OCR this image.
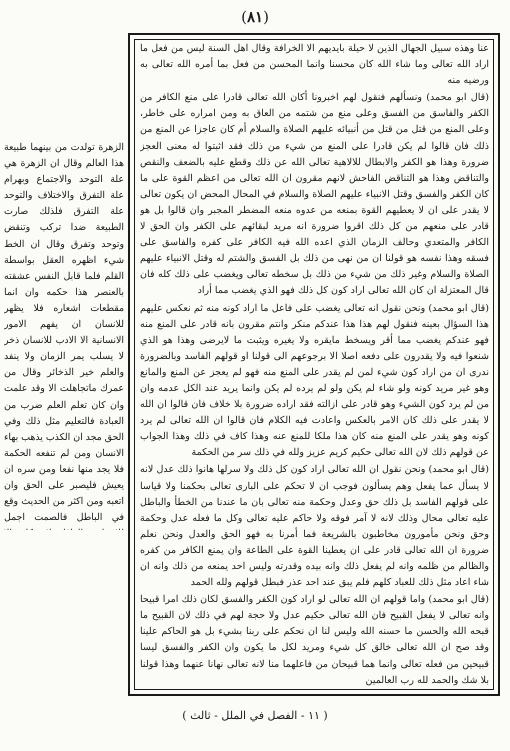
(٨١)

عنا وهذه سبيل الجهال الذين لا حيلة بايديهم الا الخرافة وقال اهل السنة ليس من فعل ما اراد الله تعالى وما شاء الله كان محسنا وانما المحسن من فعل بما أمره الله تعالى به ورضيه منه

(قال ابو محمد) ونسألهم فنقول لهم اخبرونا أكان الله تعالى قادرا على منع الكافر من الكفر والفاسق من الفسق وعلى منع من شتمه من العاق به ومن امراره على خاطر، وعلى المنع من قتل من قتل من أنبيائه عليهم الصلاة والسلام أم كان عاجزا عن المنع من ذلك فان قالوا لم يكن قادرا على المنع من شيء من ذلك فقد اثبتوا له معنى العجز ضرورة وهذا هو الكفر والابطال للالاهية تعالى الله عن ذلك وقطع عليه بالضعف والنقص والتناقض وهذا هو التناقض الفاحش لانهم مقرون ان الله تعالى من اعظم القوة على ما كان الكفر والفسق وقتل الانبياء عليهم الصلاة والسلام في المحال المحض ان يكون تعالى لا يقدر على ان لا يعطيهم القوة بمنعه من عدوه منعه المضطر المجبر وان قالوا بل هو قادر على منعهم من كل ذلك اقروا ضرورة انه مريد لبقائهم على الكفر وان الحق لا الكافر والمتعدي وحالف الزمان الذي اعده الله فيه الكافر على كفره والفاسق على فسقه وهذا نفسه هو قولنا ان من نهى من ذلك بل الفسق والشتم له وقتل الانبياء عليهم الصلاة والسلام وغير ذلك من شيء من ذلك بل سخطه تعالى ويغضب على ذلك كله فان قال المعتزلة ان كان الله تعالى اراد كون كل ذلك فهو الذي يغضب مما أراد

(قال ابو محمد) ونحن نقول انه تعالى يغضب على فاعل ما اراد كونه منه ثم نعكس عليهم هذا السؤال بعينه فنقول لهم هذا هذا عندكم منكر وانتم مقرون بانه قادر على المنع منه فهو عندكم يغضب مما أقر ويسخط مايقره ولا يغيره ويثبت ما لايرضى وهذا هو الذي شنعوا فيه ولا يقدرون على دفعه اصلا الا برجوعهم الى قولنا او قولهم الفاسد وبالضرورة ندرى ان من اراد كون شيء لمن لم يقدر على المنع منه فهو لم يعجز عن المنع والمانع وهو غير مريد كونه ولو شاء لم يكن ولو لم يرده لم يكن وانما يريد عند الكل عدمه وان من لم يرد كون الشيء وهو قادر على ازالته فقد اراده ضرورة بلا خلاف فان قالوا ان الله لا يقدر على ذلك كان الامر بالعكس واعادت فيه الكلام فان قالوا ان الله تعالى لم يرد كونه وهو يقدر على المنع منه كان هذا ملكا للمنع عنه وهذا كاف في ذلك وهذا الجواب عن قولهم ذلك لان الله تعالى حكيم كريم عزيز ولله في ذلك سر من الحكمة

(قال ابو محمد) ونحن نقول ان الله تعالى اراد كون كل ذلك ولا سرلها هانوا ذلك عدل لانه لا يسأل عما يفعل وهم يسألون فوجب ان لا تحكم على البارى تعالى بحكمنا ولا قياسا على قولهم الفاسد بل ذلك حق وعدل وحكمة منه تعالى بان ما عندنا من الخطأ والباطل عليه تعالى محال وذلك لانه لا آمر فوقه ولا حاكم عليه تعالى وكل ما فعله عدل وحكمة وحق ونحن مأمورون مخاطبون بالشريعة فما أمرنا به فهو الحق والعدل ونحن نعلم ضرورة ان الله تعالى قادر على ان يعطينا القوة على الطاعة وان يمنع الكافر من كفره والظالم من ظلمه وانه لم يفعل ذلك وانه بيده وقدرته وليس احد يمنعه من ذلك وانه ان شاء اعاد مثل ذلك للعباد كلهم فلم يبق عند احد عذر فبطل قولهم ولله الحمد

(قال ابو محمد) واما قولهم ان الله تعالى لو اراد كون الكفر والفسق لكان ذلك امرا قبيحا وانه تعالى لا يفعل القبيح فان الله تعالى حكيم عدل ولا حجة لهم في ذلك لان القبيح ما قبحه الله والحسن ما حسنه الله وليس لنا ان نحكم على ربنا بشيء بل هو الحاكم علينا وقد صح ان الله تعالى خالق كل شيء ومريد لكل ما يكون وان الكفر والفسق ليسا قبيحين من فعله تعالى وانما هما قبيحان من فاعلهما منا لانه تعالى نهانا عنهما وهذا قولنا بلا شك والحمد لله رب العالمين

الزهرة تولدت من بينهما طبيعة هذا العالم وقال ان الزهرة هي علة التوحد والاجتماع وبهرام علة التفرق والاختلاف والتوحد علة التفرق فلذلك صارت الطبيعة ضدا تركب وتنقض وتوحد وتفرق وقال ان الخط شيء اظهره العقل بواسطة القلم فلما قابل النفس عشقته بالعنصر هذا حكمه وان انما مقطعات اشعاره فلا يظهر للانسان ان يفهم الامور الانسانية الا الادب للانسان ذخر لا يسلب يمر الزمان ولا ينفد والعلم خير الذخائر وقال من عمرك ماتجاهلت الا وقد علمت وان كان تعلم العلم ضرب من العبادة فالتعليم مثل ذلك وفي الحق مجد ان الكذب يذهب بهاء الانسان ومن لم تنفعه الحكمة فلا يجد منها نفعا ومن سره ان يعيش فليصبر على الحق وان اتعبه ومن اكثر من الحديث وقع في الباطل فالصمت اجمل
( ١١ - الفصل في الملل - ثالث )
